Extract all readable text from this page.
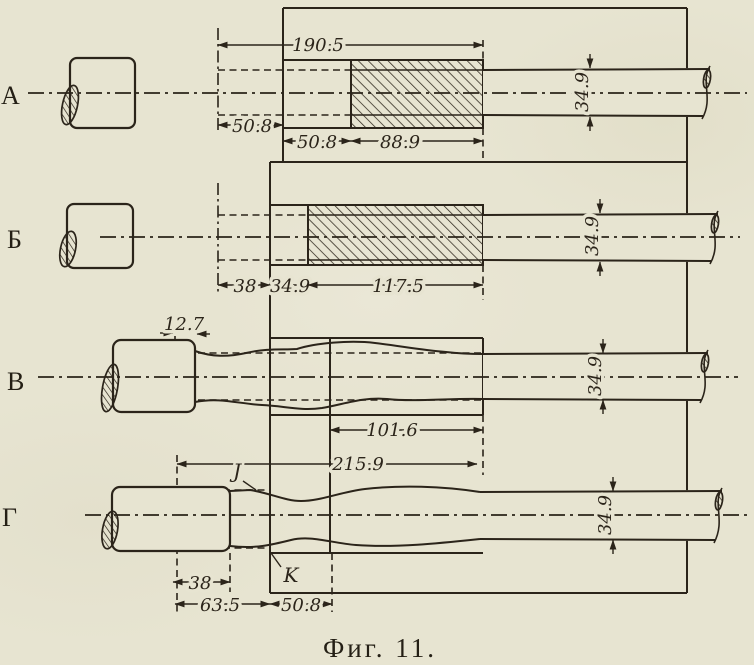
190.5
50.8
50.8 88.9
34.9
38 34.9	117.5
34.9
12.7
101.6
34.9
215.9
38
63.5 50.8
34.9
J
K
А
Б
В
Г
Фиг. 11.
